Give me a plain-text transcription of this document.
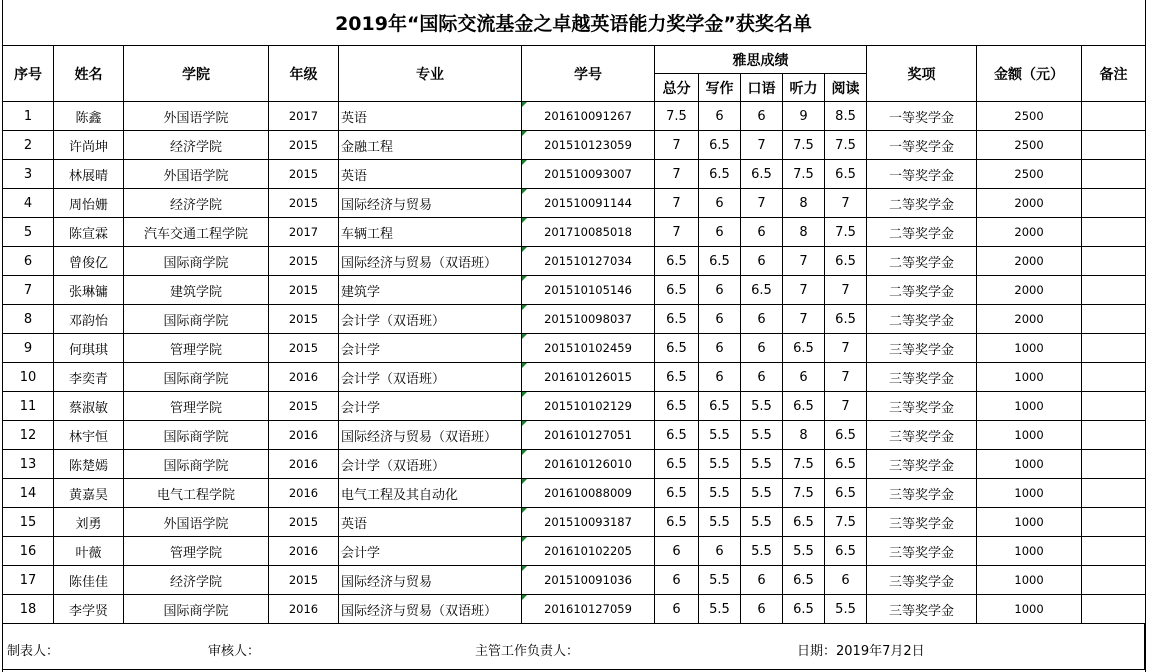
2019年“国际交流基金之卓越英语能力奖学金”获奖名单
序号	姓名	学院	年级	专业	学号	雅思成绩					奖项	金额（元）	备注
						总分	写作	口语	听力	阅读			
1	陈鑫	外国语学院	2017	英语	201610091267	7.5	6	6	9	8.5	一等奖学金	2500	
2	许尚坤	经济学院	2015	金融工程	201510123059	7	6.5	7	7.5	7.5	一等奖学金	2500	
3	林展晴	外国语学院	2015	英语	201510093007	7	6.5	6.5	7.5	6.5	一等奖学金	2500	
4	周怡姗	经济学院	2015	国际经济与贸易	201510091144	7	6	7	8	7	二等奖学金	2000	
5	陈宣霖	汽车交通工程学院	2017	车辆工程	201710085018	7	6	6	8	7.5	二等奖学金	2000	
6	曾俊亿	国际商学院	2015	国际经济与贸易（双语班）	201510127034	6.5	6.5	6	7	6.5	二等奖学金	2000	
7	张琳镛	建筑学院	2015	建筑学	201510105146	6.5	6	6.5	7	7	二等奖学金	2000	
8	邓韵怡	国际商学院	2015	会计学（双语班）	201510098037	6.5	6	6	7	6.5	二等奖学金	2000	
9	何琪琪	管理学院	2015	会计学	201510102459	6.5	6	6	6.5	7	三等奖学金	1000	
10	李奕青	国际商学院	2016	会计学（双语班）	201610126015	6.5	6	6	6	7	三等奖学金	1000	
11	蔡淑敏	管理学院	2015	会计学	201510102129	6.5	6.5	5.5	6.5	7	三等奖学金	1000	
12	林宇恒	国际商学院	2016	国际经济与贸易（双语班）	201610127051	6.5	5.5	5.5	8	6.5	三等奖学金	1000	
13	陈楚嫣	国际商学院	2016	会计学（双语班）	201610126010	6.5	5.5	5.5	7.5	6.5	三等奖学金	1000	
14	黄嘉昊	电气工程学院	2016	电气工程及其自动化	201610088009	6.5	5.5	5.5	7.5	6.5	三等奖学金	1000	
15	刘勇	外国语学院	2015	英语	201510093187	6.5	5.5	5.5	6.5	7.5	三等奖学金	1000	
16	叶薇	管理学院	2016	会计学	201610102205	6	6	5.5	5.5	6.5	三等奖学金	1000	
17	陈佳佳	经济学院	2015	国际经济与贸易	201510091036	6	5.5	6	6.5	6	三等奖学金	1000	
18	李学贤	国际商学院	2016	国际经济与贸易（双语班）	201610127059	6	5.5	6	6.5	5.5	三等奖学金	1000	
制表人：	审核人：	主管工作负责人：	日期：2019年7月2日
